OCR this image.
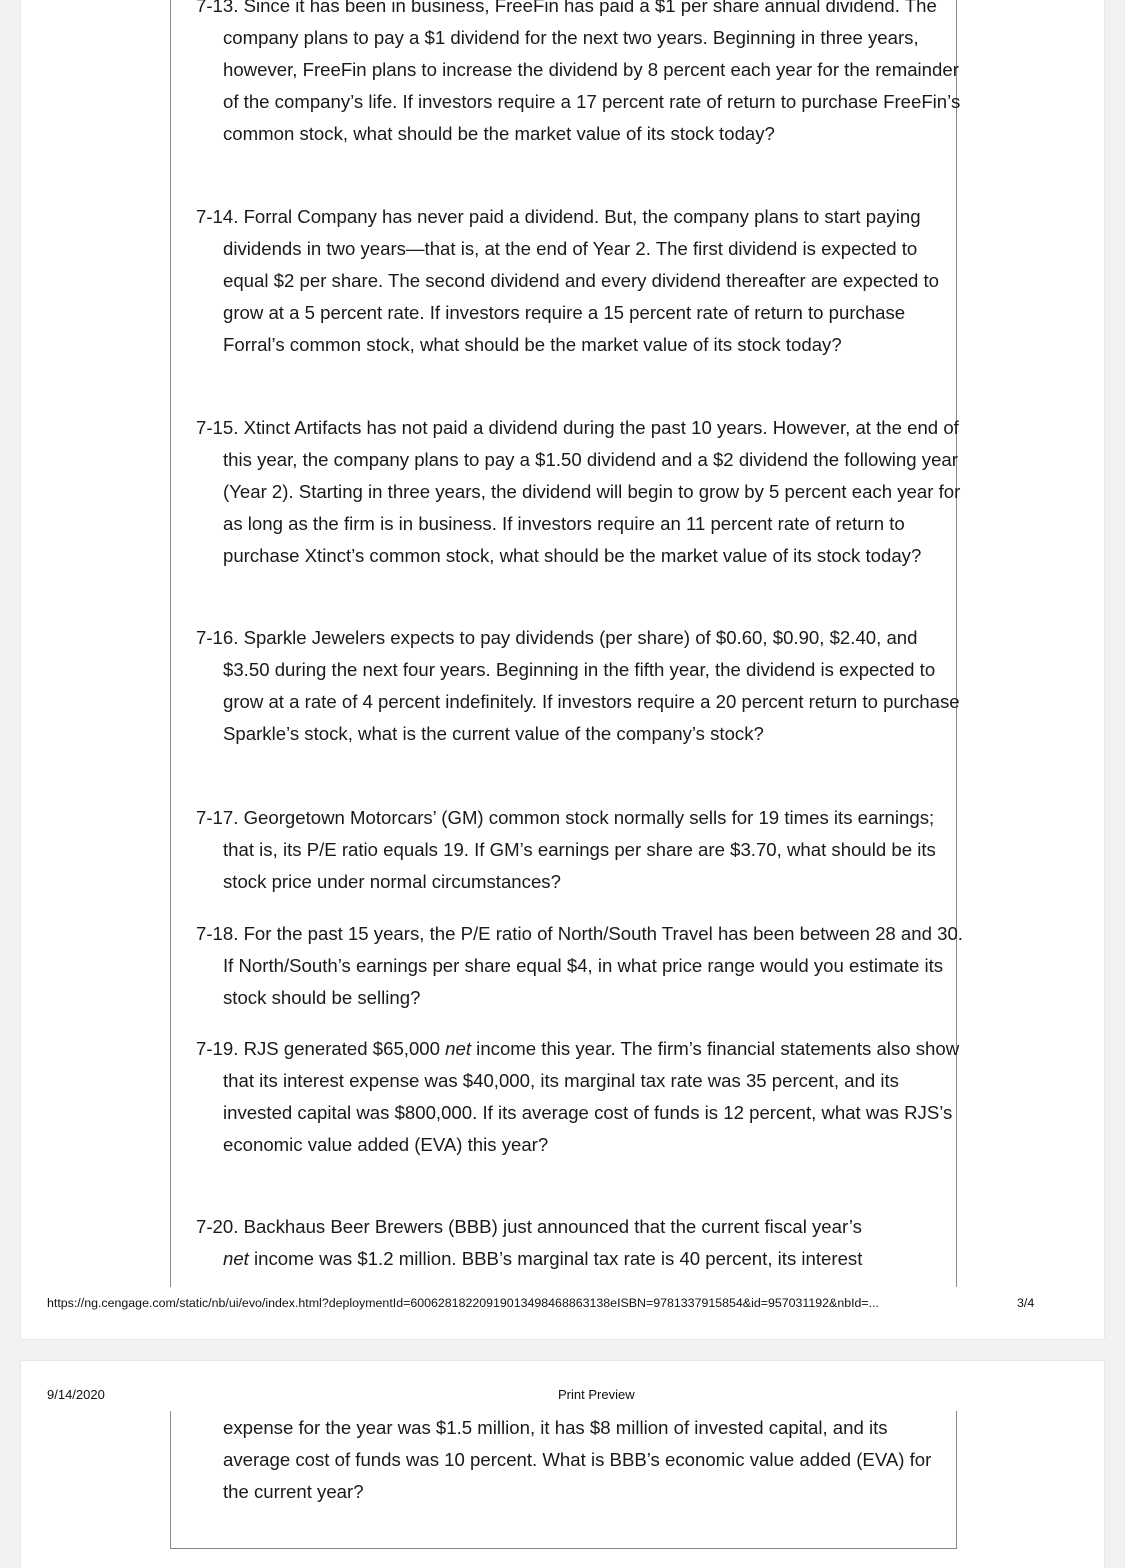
7-13. Since it has been in business, FreeFin has paid a $1 per share annual dividend. The company plans to pay a $1 dividend for the next two years. Beginning in three years, however, FreeFin plans to increase the dividend by 8 percent each year for the remainder of the company’s life. If investors require a 17 percent rate of return to purchase FreeFin’s common stock, what should be the market value of its stock today?

7-14. Forral Company has never paid a dividend. But, the company plans to start paying dividends in two years—that is, at the end of Year 2. The first dividend is expected to equal $2 per share. The second dividend and every dividend thereafter are expected to grow at a 5 percent rate. If investors require a 15 percent rate of return to purchase Forral’s common stock, what should be the market value of its stock today?

7-15. Xtinct Artifacts has not paid a dividend during the past 10 years. However, at the end of this year, the company plans to pay a $1.50 dividend and a $2 dividend the following year (Year 2). Starting in three years, the dividend will begin to grow by 5 percent each year for as long as the firm is in business. If investors require an 11 percent rate of return to purchase Xtinct’s common stock, what should be the market value of its stock today?

7-16. Sparkle Jewelers expects to pay dividends (per share) of $0.60, $0.90, $2.40, and $3.50 during the next four years. Beginning in the fifth year, the dividend is expected to grow at a rate of 4 percent indefinitely. If investors require a 20 percent return to purchase Sparkle’s stock, what is the current value of the company’s stock?

7-17. Georgetown Motorcars’ (GM) common stock normally sells for 19 times its earnings; that is, its P/E ratio equals 19. If GM’s earnings per share are $3.70, what should be its stock price under normal circumstances?

7-18. For the past 15 years, the P/E ratio of North/South Travel has been between 28 and 30. If North/South’s earnings per share equal $4, in what price range would you estimate its stock should be selling?

7-19. RJS generated $65,000 net income this year. The firm’s financial statements also show that its interest expense was $40,000, its marginal tax rate was 35 percent, and its invested capital was $800,000. If its average cost of funds is 12 percent, what was RJS’s economic value added (EVA) this year?

7-20. Backhaus Beer Brewers (BBB) just announced that the current fiscal year’s
net income was $1.2 million. BBB’s marginal tax rate is 40 percent, its interest

https://ng.cengage.com/static/nb/ui/evo/index.html?deploymentId=60062818220919013498468863138eISBN=9781337915854&id=957031192&nbId=...	3/4
9/14/2020	Print Preview

expense for the year was $1.5 million, it has $8 million of invested capital, and its average cost of funds was 10 percent. What is BBB’s economic value added (EVA) for the current year?
